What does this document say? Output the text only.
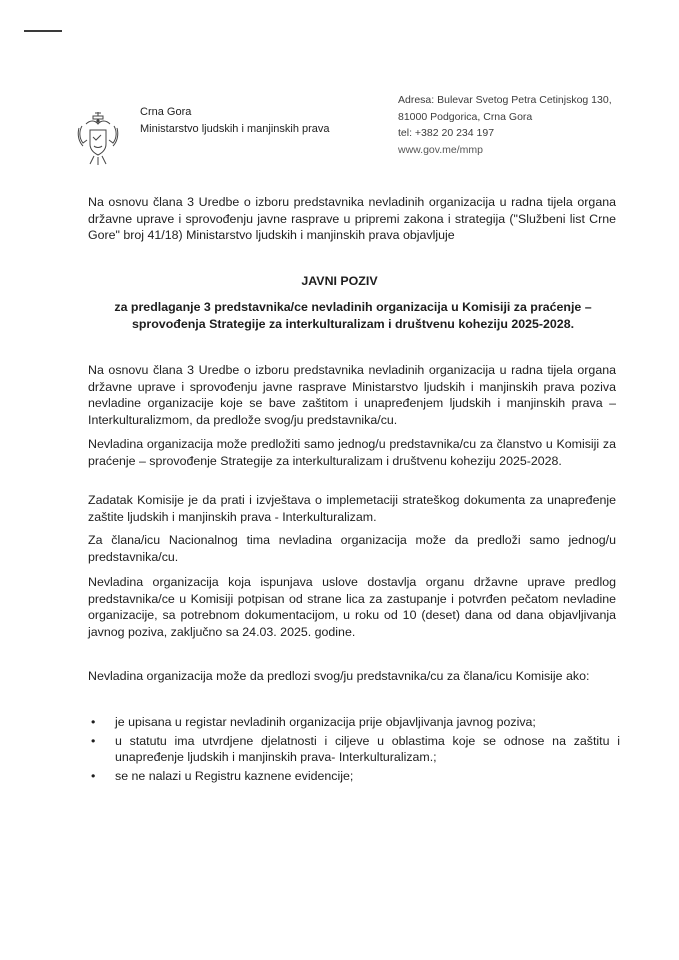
Crna Gora
Ministarstvo ljudskih i manjinskih prava
Adresa: Bulevar Svetog Petra Cetinjskog 130,
81000 Podgorica, Crna Gora
tel: +382 20 234 197
www.gov.me/mmp
Na osnovu člana 3 Uredbe o izboru predstavnika nevladinih organizacija u radna tijela organa državne uprave i sprovođenju javne rasprave u pripremi zakona i strategija ("Službeni list Crne Gore" broj 41/18) Ministarstvo ljudskih i manjinskih prava objavljuje
JAVNI POZIV
za predlaganje 3 predstavnika/ce nevladinih organizacija u Komisiji za praćenje – sprovođenja Strategije za interkulturalizam i društvenu koheziju 2025-2028.
Na osnovu člana 3 Uredbe o izboru predstavnika nevladinih organizacija u radna tijela organa državne uprave i sprovođenju javne rasprave Ministarstvo ljudskih i manjinskih prava poziva nevladine organizacije koje se bave zaštitom i unapređenjem ljudskih i manjinskih prava – Interkulturalizmom, da predlože svog/ju predstavnika/cu.
Nevladina organizacija može predložiti samo jednog/u predstavnika/cu za članstvo u Komisiji za praćenje – sprovođenje Strategije za interkulturalizam i društvenu koheziju 2025-2028.
Zadatak Komisije je da prati i izvještava o implemetaciji strateškog dokumenta za unapređenje zaštite ljudskih i manjinskih prava - Interkulturalizam.
Za člana/icu Nacionalnog tima nevladina organizacija može da predloži samo jednog/u predstavnika/cu.
Nevladina organizacija koja ispunjava uslove dostavlja organu državne uprave predlog predstavnika/ce u Komisiji potpisan od strane lica za zastupanje i potvrđen pečatom nevladine organizacije, sa potrebnom dokumentacijom, u roku od 10 (deset) dana od dana objavljivanja javnog poziva, zaključno sa 24.03. 2025. godine.
Nevladina organizacija može da predlozi svog/ju predstavnika/cu za člana/icu Komisije ako:
• je upisana u registar nevladinih organizacija prije objavljivanja javnog poziva;
• u statutu ima utvrdjene djelatnosti i ciljeve u oblastima koje se odnose na zaštitu i unapređenje ljudskih i manjinskih prava- Interkulturalizam.;
• se ne nalazi u Registru kaznene evidencije;
